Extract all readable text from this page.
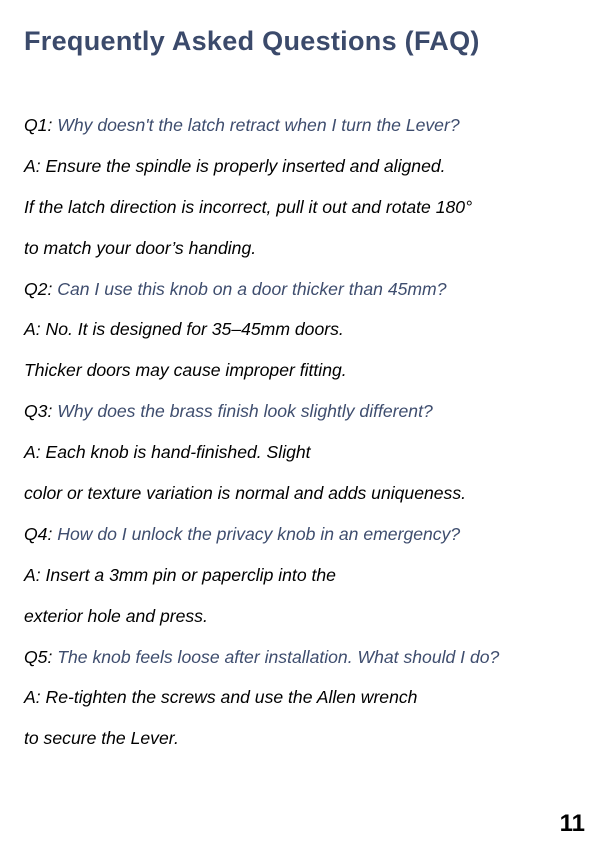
Frequently Asked Questions (FAQ)
Q1: Why doesn't the latch retract when I turn the Lever?
A: Ensure the spindle is properly inserted and aligned.
If the latch direction is incorrect, pull it out and rotate 180°
to match your door’s handing.
Q2: Can I use this knob on a door thicker than 45mm?
A: No. It is designed for 35–45mm doors.
Thicker doors may cause improper fitting.
Q3: Why does the brass finish look slightly different?
A: Each knob is hand-finished. Slight
color or texture variation is normal and adds uniqueness.
Q4: How do I unlock the privacy knob in an emergency?
A: Insert a 3mm pin or paperclip into the
exterior hole and press.
Q5: The knob feels loose after installation. What should I do?
A: Re-tighten the screws and use the Allen wrench
to secure the Lever.
11
